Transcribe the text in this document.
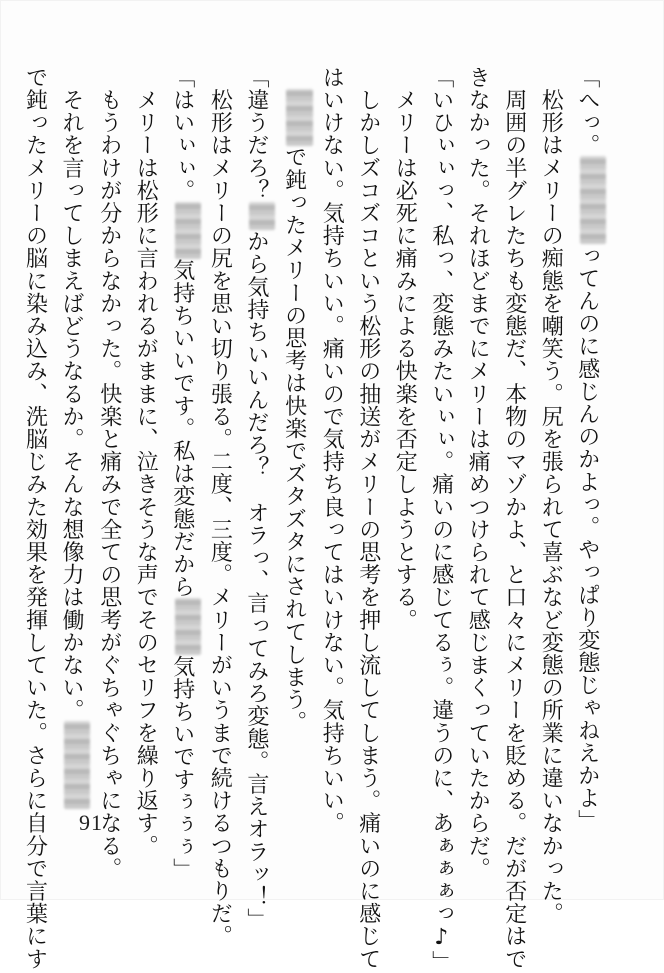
「へっ。ってんのに感じんのかよっ。やっぱり変態じゃねえかよ」
　松形はメリーの痴態を嘲笑う。尻を張られて喜ぶなど変態の所業に違いなかった。
　周囲の半グレたちも変態だ、本物のマゾかよ、と口々にメリーを貶める。だが否定はで
きなかった。それほどまでにメリーは痛めつけられて感じまくっていたからだ。
「いひぃぃっ、私っ、変態みたいぃぃ。痛いのに感じてるぅ。違うのに、あぁぁぁっ♪」
　メリーは必死に痛みによる快楽を否定しようとする。
　しかしズコズコという松形の抽送がメリーの思考を押し流してしまう。痛いのに感じて
はいけない。気持ちいい。痛いので気持ち良ってはいけない。気持ちいい。
　で鈍ったメリーの思考は快楽でズタズタにされてしまう。
「違うだろ？から気持ちいいんだろ？　オラっ、言ってみろ変態。言えオラッ！」
　松形はメリーの尻を思い切り張る。二度、三度。メリーがいうまで続けるつもりだ。
「はいぃぃ。気持ちいいです。私は変態だから気持ちいですぅぅぅ」
　メリーは松形に言われるがままに、泣きそうな声でそのセリフを繰り返す。
　もうわけが分からなかった。快楽と痛みで全ての思考がぐちゃぐちゃになる。
　それを言ってしまえばどうなるか。そんな想像力は働かない。
で鈍ったメリーの脳に染み込み、洗脳じみた効果を発揮していた。さらに自分で言葉にす 91
